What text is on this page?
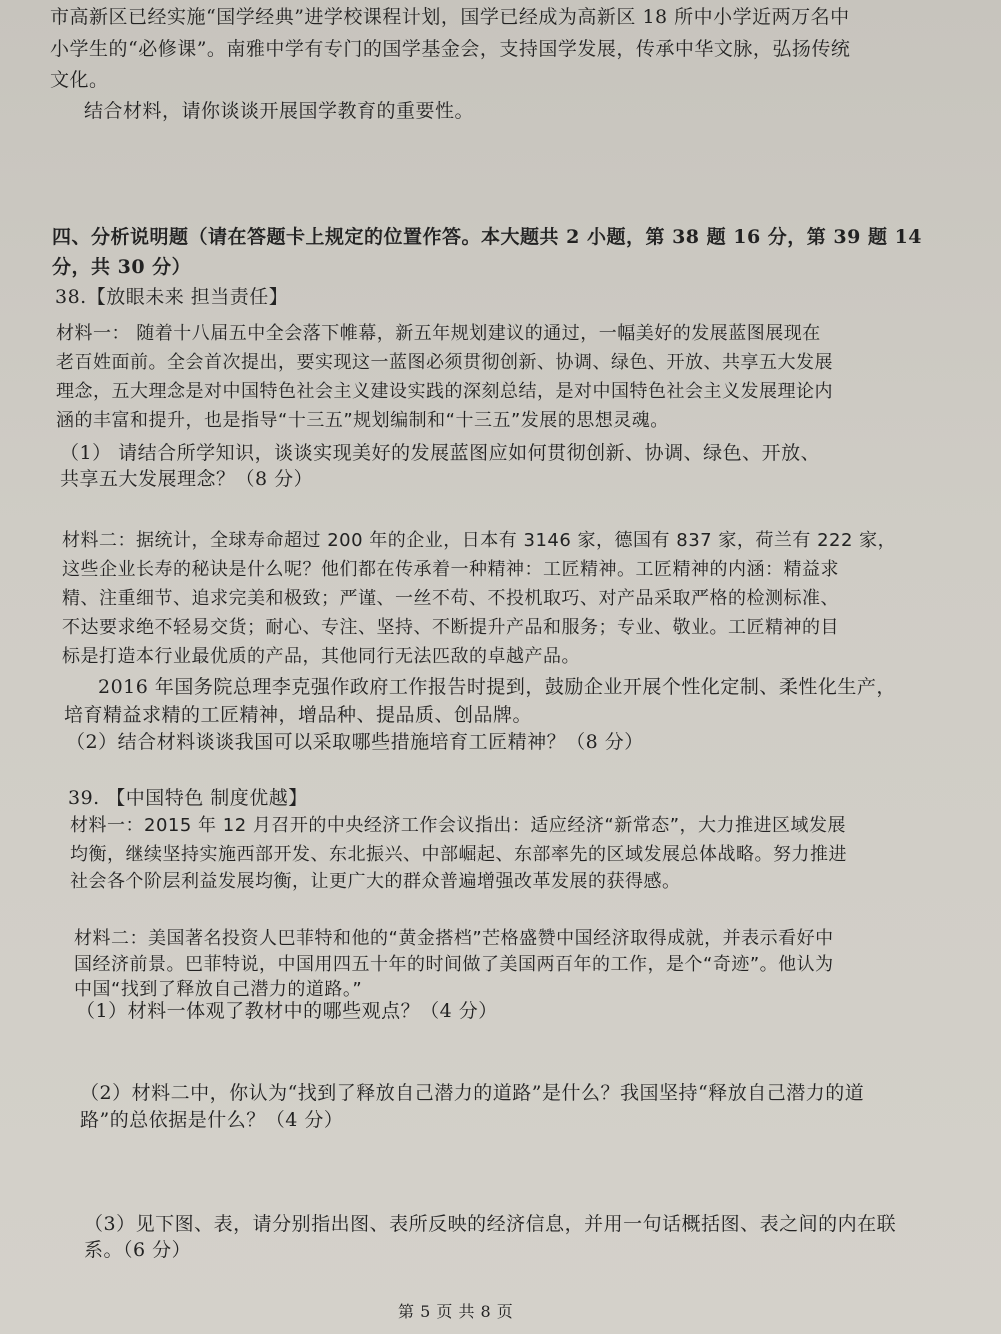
市高新区已经实施“国学经典”进学校课程计划，国学已经成为高新区 18 所中小学近两万名中
小学生的“必修课”。南雅中学有专门的国学基金会，支持国学发展，传承中华文脉，弘扬传统
文化。
结合材料，请你谈谈开展国学教育的重要性。
四、分析说明题（请在答题卡上规定的位置作答。本大题共 2 小题，第 38 题 16 分，第 39 题 14
分，共 30 分）
38.【放眼未来 担当责任】
材料一： 随着十八届五中全会落下帷幕，新五年规划建议的通过，一幅美好的发展蓝图展现在
老百姓面前。全会首次提出，要实现这一蓝图必须贯彻创新、协调、绿色、开放、共享五大发展
理念，五大理念是对中国特色社会主义建设实践的深刻总结，是对中国特色社会主义发展理论内
涵的丰富和提升，也是指导“十三五”规划编制和“十三五”发展的思想灵魂。
（1） 请结合所学知识，谈谈实现美好的发展蓝图应如何贯彻创新、协调、绿色、开放、
共享五大发展理念？（8 分）
材料二：据统计，全球寿命超过 200 年的企业，日本有 3146 家，德国有 837 家，荷兰有 222 家，
这些企业长寿的秘诀是什么呢？他们都在传承着一种精神：工匠精神。工匠精神的内涵：精益求
精、注重细节、追求完美和极致；严谨、一丝不苟、不投机取巧、对产品采取严格的检测标准、
不达要求绝不轻易交货；耐心、专注、坚持、不断提升产品和服务；专业、敬业。工匠精神的目
标是打造本行业最优质的产品，其他同行无法匹敌的卓越产品。
2016 年国务院总理李克强作政府工作报告时提到，鼓励企业开展个性化定制、柔性化生产，
培育精益求精的工匠精神，增品种、提品质、创品牌。
（2）结合材料谈谈我国可以采取哪些措施培育工匠精神？（8 分）
39. 【中国特色 制度优越】
材料一：2015 年 12 月召开的中央经济工作会议指出：适应经济“新常态”，大力推进区域发展
均衡，继续坚持实施西部开发、东北振兴、中部崛起、东部率先的区域发展总体战略。努力推进
社会各个阶层利益发展均衡，让更广大的群众普遍增强改革发展的获得感。
材料二：美国著名投资人巴菲特和他的“黄金搭档”芒格盛赞中国经济取得成就，并表示看好中
国经济前景。巴菲特说，中国用四五十年的时间做了美国两百年的工作，是个“奇迹”。他认为
中国“找到了释放自己潜力的道路。”
（1）材料一体观了教材中的哪些观点？（4 分）
（2）材料二中，你认为“找到了释放自己潜力的道路”是什么？我国坚持“释放自己潜力的道
路”的总依据是什么？（4 分）
（3）见下图、表，请分别指出图、表所反映的经济信息，并用一句话概括图、表之间的内在联
系。（6 分）
第 5 页 共 8 页
